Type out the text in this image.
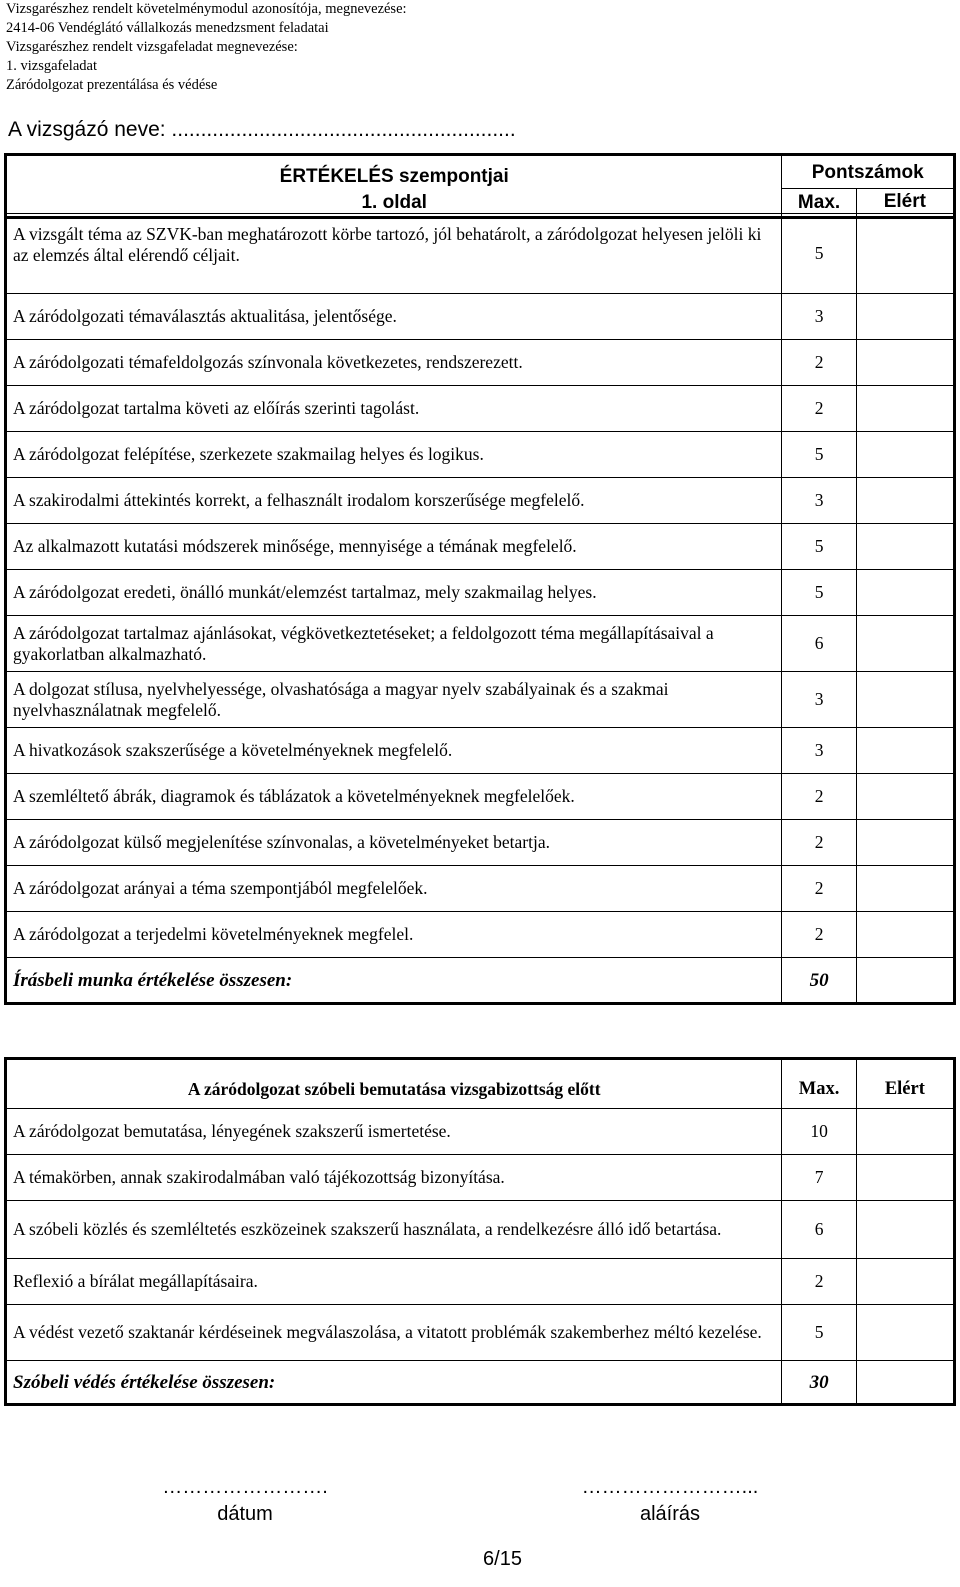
Vizsgarészhez rendelt követelménymodul azonosítója, megnevezése:
2414-06 Vendéglátó vállalkozás menedzsment feladatai
Vizsgarészhez rendelt vizsgafeladat megnevezése:
1. vizsgafeladat
Záródolgozat prezentálása és védése
A vizsgázó neve: ...........................................................
ÉRTÉKELÉS szempontjai
1. oldal	Pontszámok	
	Max.	Elért
A vizsgált téma az SZVK-ban meghatározott körbe tartozó, jól behatárolt, a záródolgozat helyesen jelöli ki az elemzés által elérendő céljait.	5	
A záródolgozati témaválasztás aktualitása, jelentősége.	3	
A záródolgozati témafeldolgozás színvonala következetes, rendszerezett.	2	
A záródolgozat tartalma követi az előírás szerinti tagolást.	2	
A záródolgozat felépítése, szerkezete szakmailag helyes és logikus.	5	
A szakirodalmi áttekintés korrekt, a felhasznált irodalom korszerűsége megfelelő.	3	
Az alkalmazott kutatási módszerek minősége, mennyisége a témának megfelelő.	5	
A záródolgozat eredeti, önálló munkát/elemzést tartalmaz, mely szakmailag helyes.	5	
A záródolgozat tartalmaz ajánlásokat, végkövetkeztetéseket; a feldolgozott téma megállapításaival a gyakorlatban alkalmazható.	6	
A dolgozat stílusa, nyelvhelyessége, olvashatósága a magyar nyelv szabályainak és a szakmai nyelvhasználatnak megfelelő.	3	
A hivatkozások szakszerűsége a követelményeknek megfelelő.	3	
A szemléltető ábrák, diagramok és táblázatok a követelményeknek megfelelőek.	2	
A záródolgozat külső megjelenítése színvonalas, a követelményeket betartja.	2	
A záródolgozat arányai a téma szempontjából megfelelőek.	2	
A záródolgozat a terjedelmi követelményeknek megfelel.	2	
Írásbeli munka értékelése összesen:	50	
A záródolgozat szóbeli bemutatása vizsgabizottság előtt	Max.	Elért
A záródolgozat bemutatása, lényegének szakszerű ismertetése.	10	
A témakörben, annak szakirodalmában való tájékozottság bizonyítása.	7	
A szóbeli közlés és szemléltetés eszközeinek szakszerű használata, a rendelkezésre álló idő betartása.	6	
Reflexió a bírálat megállapításaira.	2	
A védést vezető szaktanár kérdéseinek megválaszolása, a vitatott problémák szakemberhez méltó kezelése.	5	
Szóbeli védés értékelése összesen:	30	
…………………….
dátum
……………………...
aláírás
6/15
